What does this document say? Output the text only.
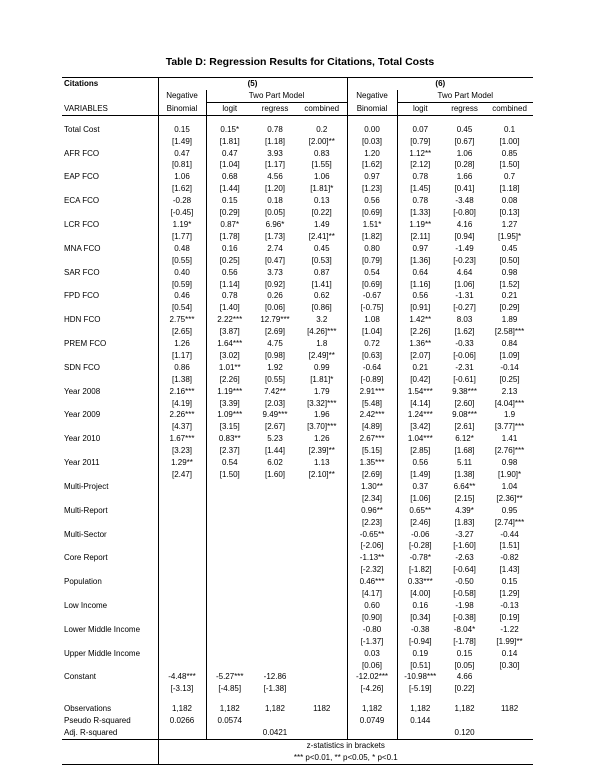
Table D: Regression Results for Citations, Total Costs
Citations	(5)				(6)			
	Negative	Two Part Model			Negative	Two Part Model		
VARIABLES	Binomial	logit	regress	combined	Binomial	logit	regress	combined

Total Cost	0.15	0.15*	0.78	0.2	0.00	0.07	0.45	0.1
	[1.49]	[1.81]	[1.18]	[2.00]**	[0.03]	[0.79]	[0.67]	[1.00]
AFR FCO	0.47	0.47	3.93	0.83	1.20	1.12**	1.06	0.85
	[0.81]	[1.04]	[1.17]	[1.55]	[1.62]	[2.12]	[0.28]	[1.50]
EAP FCO	1.06	0.68	4.56	1.06	0.97	0.78	1.66	0.7
	[1.62]	[1.44]	[1.20]	[1.81]*	[1.23]	[1.45]	[0.41]	[1.18]
ECA FCO	-0.28	0.15	0.18	0.13	0.56	0.78	-3.48	0.08
	[-0.45]	[0.29]	[0.05]	[0.22]	[0.69]	[1.33]	[-0.80]	[0.13]
LCR FCO	1.19*	0.87*	6.96*	1.49	1.51*	1.19**	4.16	1.27
	[1.77]	[1.78]	[1.73]	[2.41]**	[1.82]	[2.11]	[0.94]	[1.95]*
MNA FCO	0.48	0.16	2.74	0.45	0.80	0.97	-1.49	0.45
	[0.55]	[0.25]	[0.47]	[0.53]	[0.79]	[1.36]	[-0.23]	[0.50]
SAR FCO	0.40	0.56	3.73	0.87	0.54	0.64	4.64	0.98
	[0.59]	[1.14]	[0.92]	[1.41]	[0.69]	[1.16]	[1.06]	[1.52]
FPD FCO	0.46	0.78	0.26	0.62	-0.67	0.56	-1.31	0.21
	[0.54]	[1.40]	[0.06]	[0.86]	[-0.75]	[0.91]	[-0.27]	[0.29]
HDN FCO	2.75***	2.22***	12.79***	3.2	1.08	1.42**	8.03	1.89
	[2.65]	[3.87]	[2.69]	[4.26]***	[1.04]	[2.26]	[1.62]	[2.58]***
PREM FCO	1.26	1.64***	4.75	1.8	0.72	1.36**	-0.33	0.84
	[1.17]	[3.02]	[0.98]	[2.49]**	[0.63]	[2.07]	[-0.06]	[1.09]
SDN FCO	0.86	1.01**	1.92	0.99	-0.64	0.21	-2.31	-0.14
	[1.38]	[2.26]	[0.55]	[1.81]*	[-0.89]	[0.42]	[-0.61]	[0.25]
Year 2008	2.16***	1.19***	7.42**	1.79	2.91***	1.54***	9.38***	2.13
	[4.19]	[3.39]	[2.03]	[3.32]***	[5.48]	[4.14]	[2.60]	[4.04]***
Year 2009	2.26***	1.09***	9.49***	1.96	2.42***	1.24***	9.08***	1.9
	[4.37]	[3.15]	[2.67]	[3.70]***	[4.89]	[3.42]	[2.61]	[3.77]***
Year 2010	1.67***	0.83**	5.23	1.26	2.67***	1.04***	6.12*	1.41
	[3.23]	[2.37]	[1.44]	[2.39]**	[5.15]	[2.85]	[1.68]	[2.76]***
Year 2011	1.29**	0.54	6.02	1.13	1.35***	0.56	5.11	0.98
	[2.47]	[1.50]	[1.60]	[2.10]**	[2.69]	[1.49]	[1.38]	[1.90]*
Multi-Project					1.30**	0.37	6.64**	1.04
					[2.34]	[1.06]	[2.15]	[2.36]**
Multi-Report					0.96**	0.65**	4.39*	0.95
					[2.23]	[2.46]	[1.83]	[2.74]***
Multi-Sector					-0.65**	-0.06	-3.27	-0.44
					[-2.06]	[-0.28]	[-1.60]	[1.51]
Core Report					-1.13**	-0.78*	-2.63	-0.82
					[-2.32]	[-1.82]	[-0.64]	[1.43]
Population					0.46***	0.33***	-0.50	0.15
					[4.17]	[4.00]	[-0.58]	[1.29]
Low Income					0.60	0.16	-1.98	-0.13
					[0.90]	[0.34]	[-0.38]	[0.19]
Lower Middle Income					-0.80	-0.38	-8.04*	-1.22
					[-1.37]	[-0.94]	[-1.78]	[1.99]**
Upper Middle Income					0.03	0.19	0.15	0.14
					[0.06]	[0.51]	[0.05]	[0.30]
Constant	-4.48***	-5.27***	-12.86		-12.02***	-10.98***	4.66	
	[-3.13]	[-4.85]	[-1.38]		[-4.26]	[-5.19]	[0.22]	

Observations	1,182	1,182	1,182	1182	1,182	1,182	1,182	1182
Pseudo R-squared	0.0266	0.0574			0.0749	0.144		
Adj. R-squared			0.0421				0.120	
	z-statistics in brackets							
	*** p<0.01, ** p<0.05, * p<0.1							
